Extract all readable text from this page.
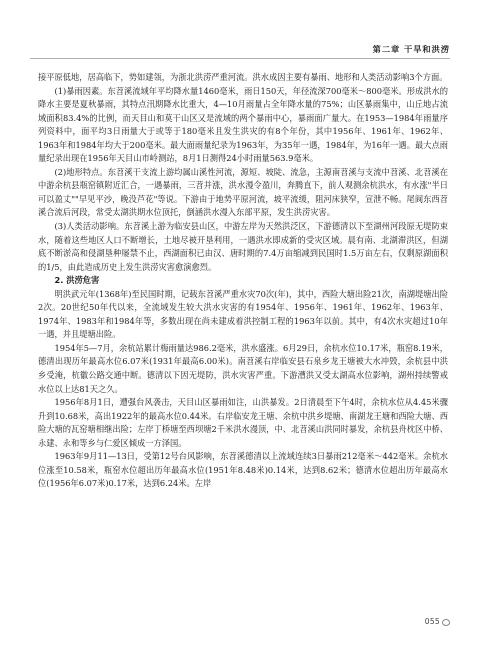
第二章 干旱和洪涝

接平原低地，居高临下，势如建瓴，为浙北洪涝严重河流。洪水成因主要有暴雨、地形和人类活动影响3个方面。

(1)暴雨因素。东苕溪流域年平均降水量1460毫米，雨日150天，年径流深700毫米～800毫米。形成洪水的降水主要是夏秋暴雨，其特点汛期降水比重大，4—10月雨量占全年降水量的75%；山区暴雨集中，山丘地占流域面积83.4%的比例，而天目山和莫干山区又是流域的两个暴雨中心，暴雨面广量大。在1953—1984年雨量序列资料中，面平均3日雨量大于或等于180毫米且发生洪灾的有8个年份，其中1956年、1961年、1962年、1963年和1984年均大于200毫米。最大面雨量纪录为1963年，为35年一遇，1984年，为16年一遇。最大点雨量纪录出现在1956年天目山市岭测站，8月1日测得24小时雨量563.9毫米。

(2)地形特点。东苕溪干支流上游均属山溪性河流，源短、坡陡、流急，主源南苕溪与支流中苕溪、北苕溪在中游余杭县瓶窑镇附近汇合，一遇暴雨，三苕并涨，洪水漫令盈川，奔腾直下，前人观测余杭洪水，有水涨"半日可以盈丈""早见平沙，晚没芦花"等说。下游由于地势平原河流，坡平流缓，阻河床狭窄，宣泄不畅。尾阆东西苕溪合流后河段，常受太湖洪期水位顶托，倒涵洪水漫入东部平原，发生洪涝灾害。

(3)人类活动影响。东苕溪上游为临安县山区，中游左岸为天然洪泛区，下游德清以下至湖州河段原无堤防束水，随着这些地区人口不断增长，土地尽被开垦利用，一遇洪水即成新的受灾区域。晨有南、北湖滞洪区，但湖底不断淤高和侵湖垦种屡禁不止，西湖面积已由汉、唐时期的7.4万亩缩减到民国时1.5万亩左右，仅剩原湖面积的1/5，由此造成历史上发生洪涝灾害愈演愈烈。

2. 洪涝危害

明洪武元年(1368年)至民国时期，记载东苕溪严重水灾70次(年)，其中，西险大塘出险21次，南湖堤塘出险2次。20世纪50年代以来，全流域发生较大洪水灾害的有1954年、1956年、1961年、1962年、1963年、1974年、1983年和1984年等，多数出现在尚未建成着洪控制工程的1963年以前。其中，有4次水灾超过10年一遇，并且堤塘出险。

1954年5—7月，余杭站累计梅雨量达986.2毫米，洪水盛涨。6月29日，余杭水位10.17米，瓶窑8.19米，德清出现历年最高水位6.07米(1931年最高6.00米)。南苕溪右岸临安县石泉乡龙王塘被大水冲毁，余杭县中洪乡受淹，杭徽公路交通中断。德清以下因无堤防，洪水灾害严重。下游漕洪又受太湖高水位影响，湖州持续警戒水位以上达81天之久。

1956年8月1日，遭强台风袭击，天目山区暴雨如注，山洪暴发。2日清晨至下午4时，余杭水位从4.45米骤升到10.68米，高出1922年的最高水位0.44米。右岸临安龙王塘、余杭中洪乡堤塘、南湖龙王塘和西险大塘、西险大塘的瓦窑塘相继出险；左岸丁桥塘至西坝塘2千米洪水漫顶，中、北苕溪山洪同时暴发，余杭县舟枕区中桥、永建、永和等乡与仁爱区倾成一方泽国。

1963年9月11—13日，受第12号台风影响，东苕溪德清以上流域连续3日暴雨212毫米～442毫米。余杭水位涨至10.58米，瓶窑水位超出历年最高水位(1951年8.48米)0.14米，达到8.62米；德清水位超出历年最高水位(1956年6.07米)0.17米，达到6.24米。左岸

055
